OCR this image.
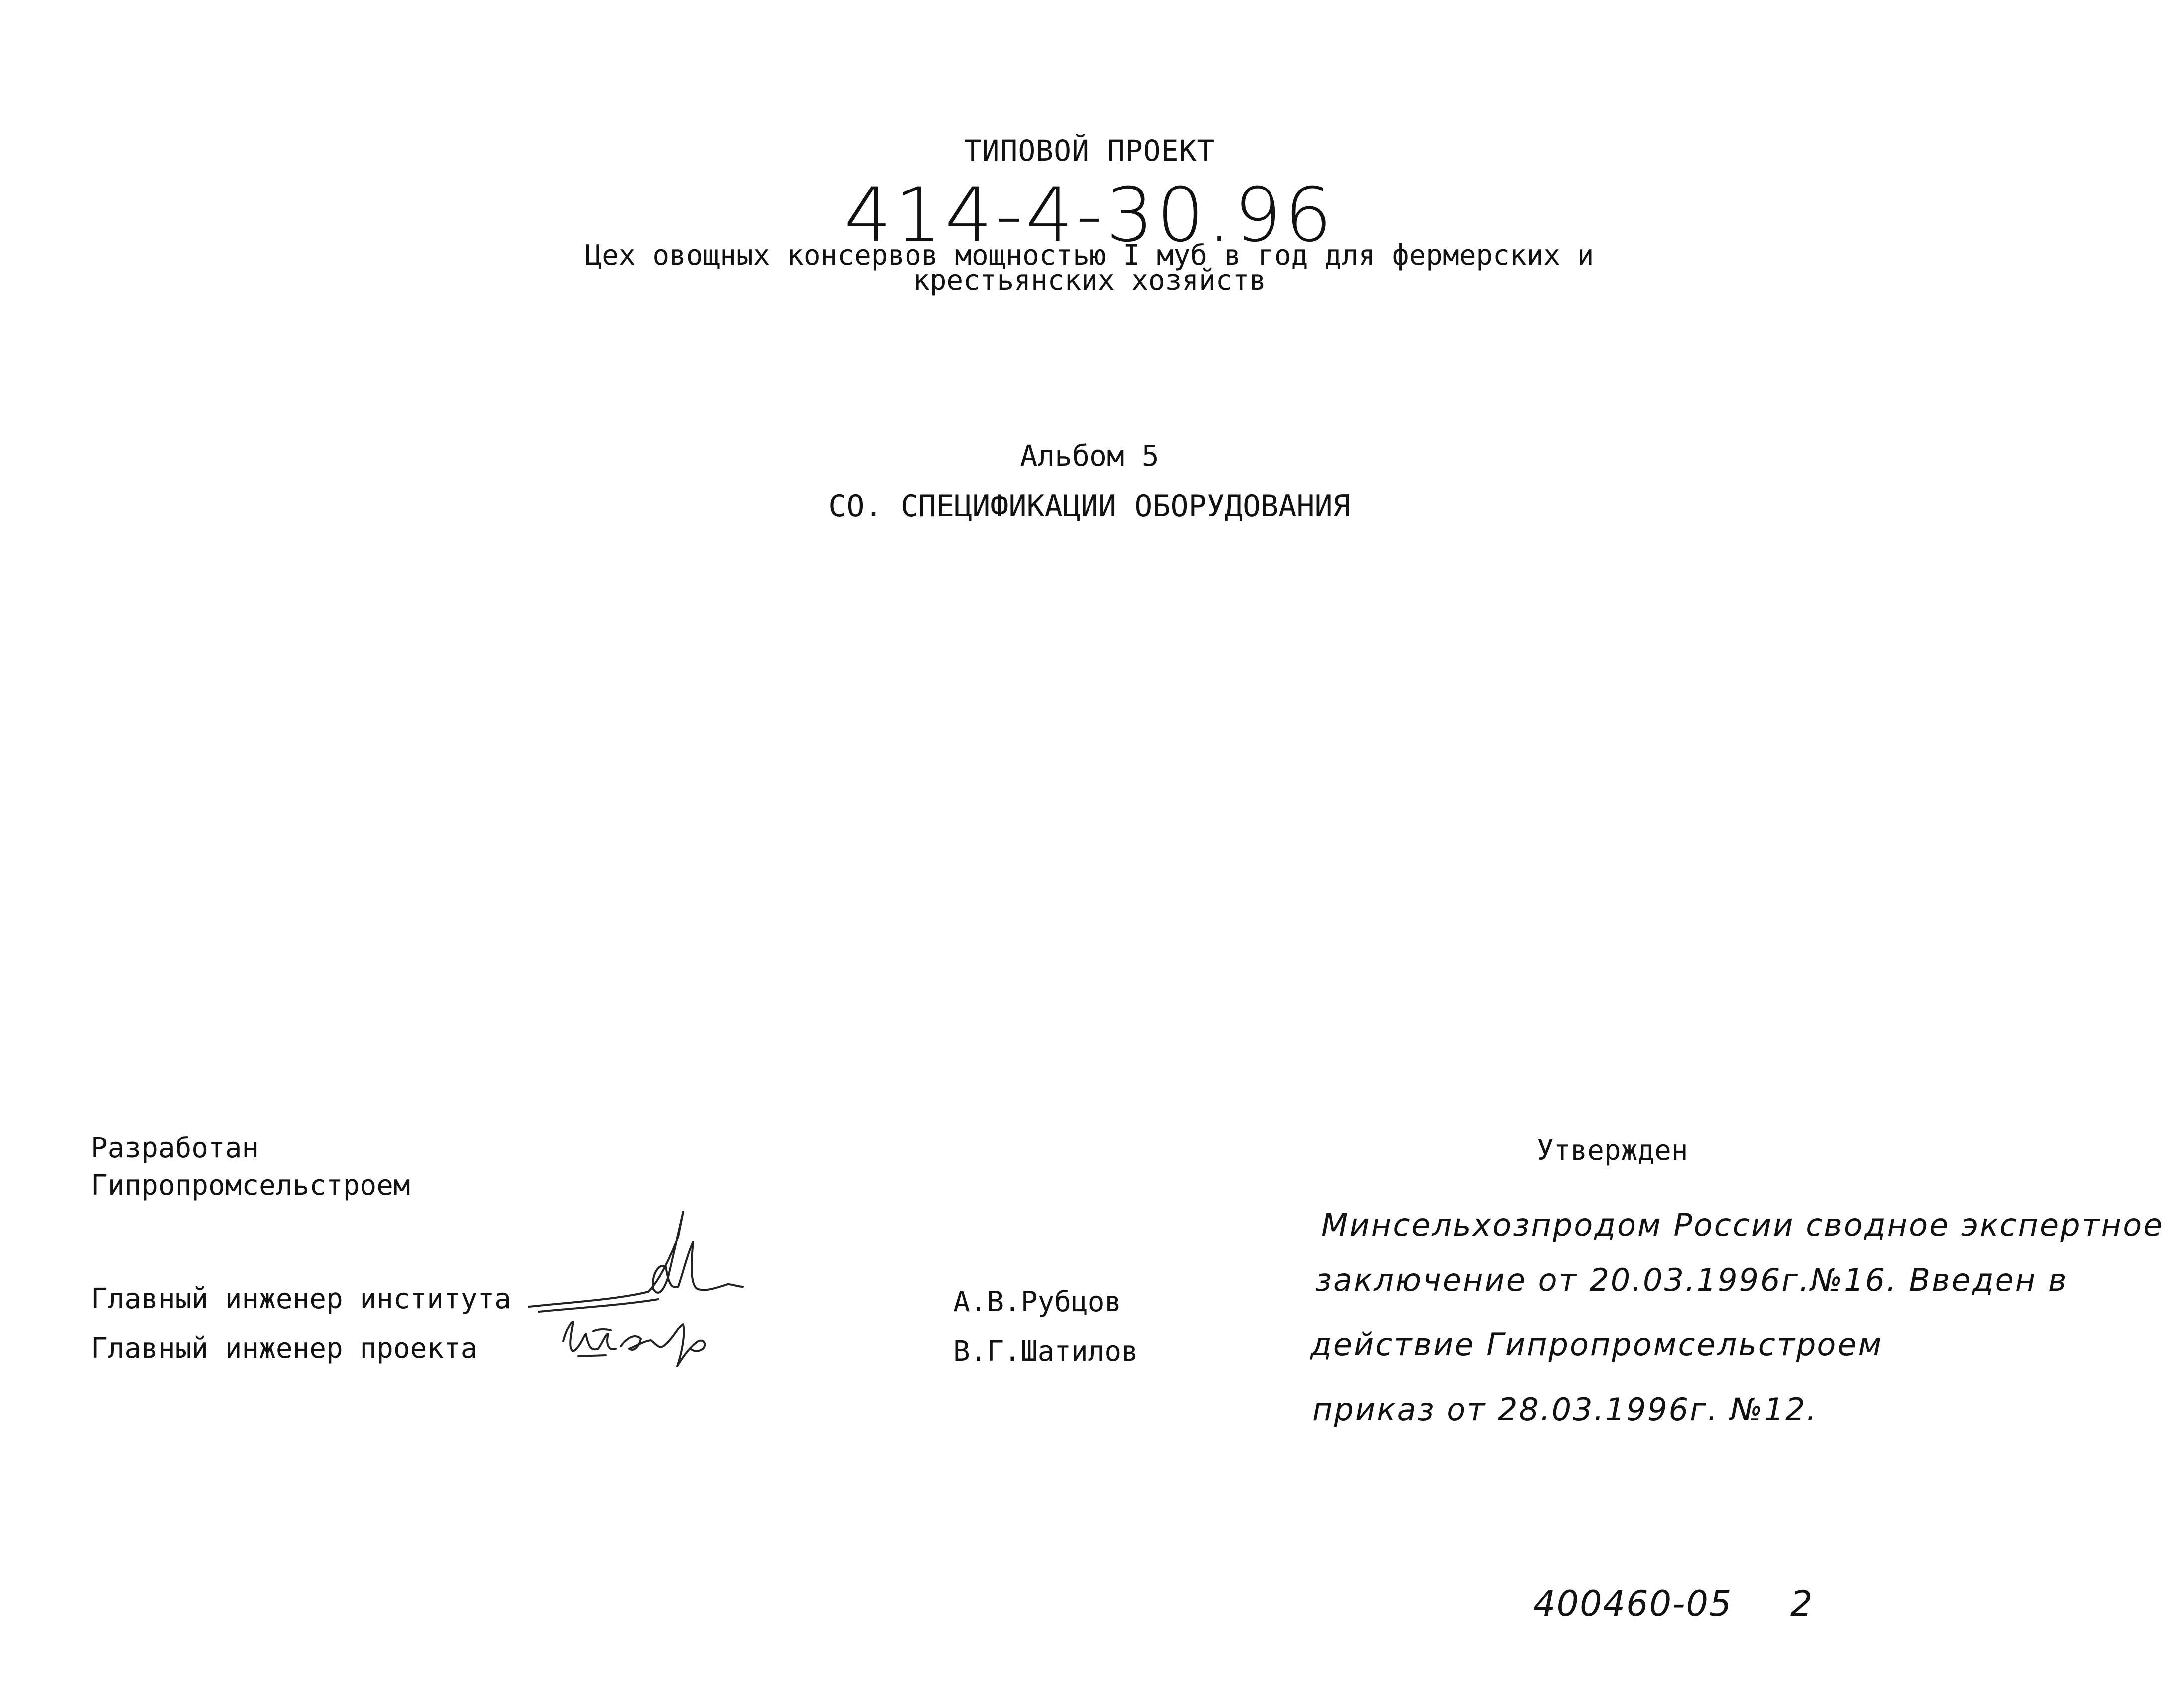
ТИПОВОЙ ПРОЕКТ
414-4-30.96
Цех овощных консервов мощностью I муб в год для фермерских и
крестьянских хозяйств
Альбом 5
СО. СПЕЦИФИКАЦИИ ОБОРУДОВАНИЯ
Разработан
Гипропромсельстроем
Главный инженер института
Главный инженер проекта
А.В.Рубцов
В.Г.Шатилов
Утвержден
Минсельхозпродом России сводное экспертное
заключение от 20.03.1996г.№16. Введен в
действие Гипропромсельстроем
приказ от 28.03.1996г. №12.
400460-05 2
